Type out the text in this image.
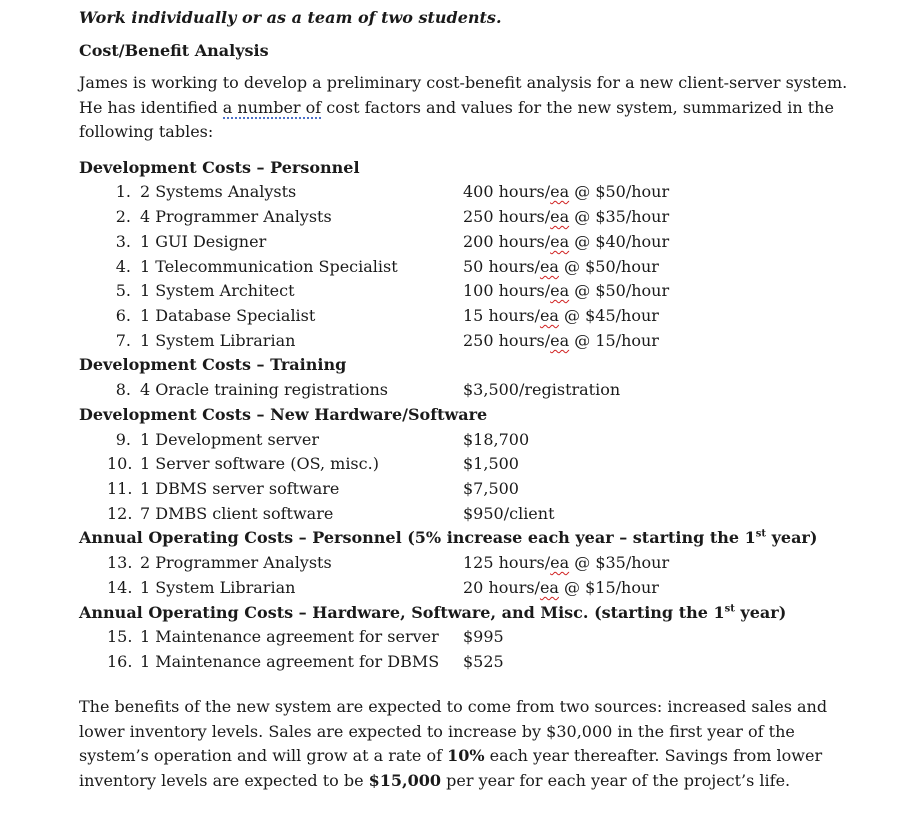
Work individually or as a team of two students.
Cost/Benefit Analysis
James is working to develop a preliminary cost-benefit analysis for a new client-server system. He has identified a number of cost factors and values for the new system, summarized in the following tables:
Development Costs – Personnel
1. 2 Systems Analysts	400 hours/ea @ $50/hour
2. 4 Programmer Analysts	250 hours/ea @ $35/hour
3. 1 GUI Designer	200 hours/ea @ $40/hour
4. 1 Telecommunication Specialist	50 hours/ea @ $50/hour
5. 1 System Architect	100 hours/ea @ $50/hour
6. 1 Database Specialist	15 hours/ea @ $45/hour
7. 1 System Librarian	250 hours/ea @ 15/hour
Development Costs – Training
8. 4 Oracle training registrations	$3,500/registration
Development Costs – New Hardware/Software
9. 1 Development server	$18,700
10. 1 Server software (OS, misc.)	$1,500
11. 1 DBMS server software	$7,500
12. 7 DMBS client software	$950/client
Annual Operating Costs – Personnel (5% increase each year – starting the 1st year)
13. 2 Programmer Analysts	125 hours/ea @ $35/hour
14. 1 System Librarian	20 hours/ea @ $15/hour
Annual Operating Costs – Hardware, Software, and Misc. (starting the 1st year)
15. 1 Maintenance agreement for server $995
16. 1 Maintenance agreement for DBMS $525
The benefits of the new system are expected to come from two sources: increased sales and lower inventory levels. Sales are expected to increase by $30,000 in the first year of the system’s operation and will grow at a rate of 10% each year thereafter. Savings from lower inventory levels are expected to be $15,000 per year for each year of the project’s life.
